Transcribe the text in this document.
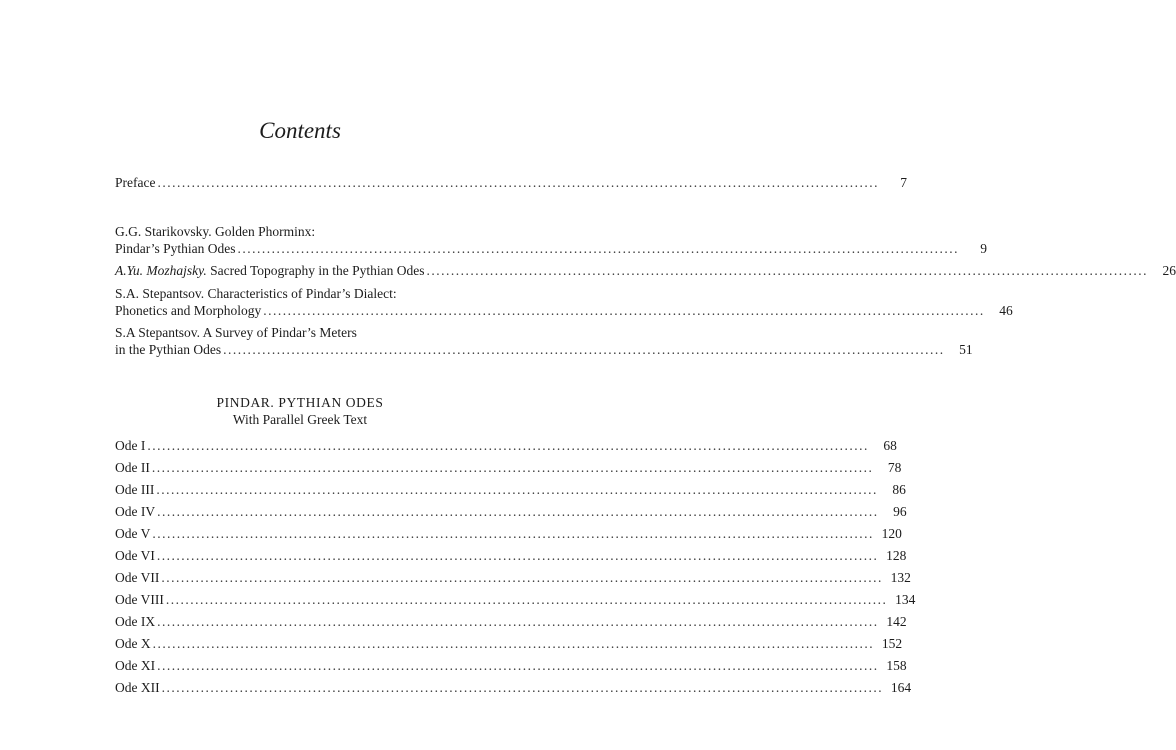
Contents
Preface ....................................................................................................................................................	7
G.G. Starikovsky. Golden Phorminx:
Pindar’s Pythian Odes ....................................................................................................................................................	9
A.Yu. Mozhajsky. Sacred Topography in the Pythian Odes ....................................................................................................................................................	26
S.A. Stepantsov. Characteristics of Pindar’s Dialect:
Phonetics and Morphology ....................................................................................................................................................	46
S.A Stepantsov. A Survey of Pindar’s Meters
in the Pythian Odes ....................................................................................................................................................	51
PINDAR. PYTHIAN ODES
With Parallel Greek Text
Ode I ....................................................................................................................................................	68
Ode II ....................................................................................................................................................	78
Ode III ....................................................................................................................................................	86
Ode IV ....................................................................................................................................................	96
Ode V .................................................................................................................................................... 120
Ode VI .................................................................................................................................................... 128
Ode VII .................................................................................................................................................... 132
Ode VIII .................................................................................................................................................... 134
Ode IX .................................................................................................................................................... 142
Ode X .................................................................................................................................................... 152
Ode XI .................................................................................................................................................... 158
Ode XII .................................................................................................................................................... 164
